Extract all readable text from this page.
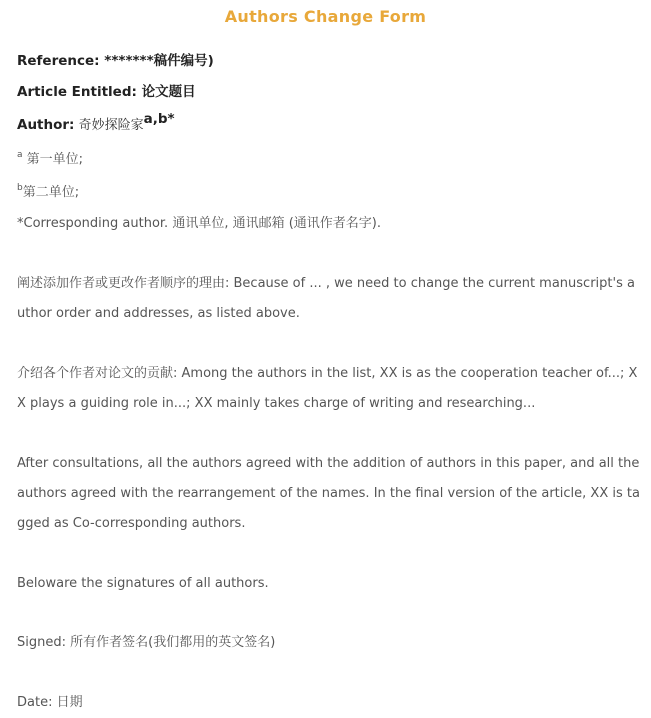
Authors Change Form
Reference: *******稿件编号)
Article Entitled: 论文题目
Author: 奇妙探险家$^{a,b*}$
$^a$ 第一单位;
$^b$第二单位;
*Corresponding author. 通讯单位, 通讯邮箱 (通讯作者名字).
阐述添加作者或更改作者顺序的理由: Because of ... , we need to change the current manuscript's author order and addresses, as listed above.
介绍各个作者对论文的贡献: Among the authors in the list, XX is as the cooperation teacher of...; XX plays a guiding role in...; XX mainly takes charge of writing and researching...
After consultations, all the authors agreed with the addition of authors in this paper, and all the authors agreed with the rearrangement of the names. In the final version of the article, XX is tagged as Co-corresponding authors.
Beloware the signatures of all authors.
Signed: 所有作者签名(我们都用的英文签名)
Date: 日期
